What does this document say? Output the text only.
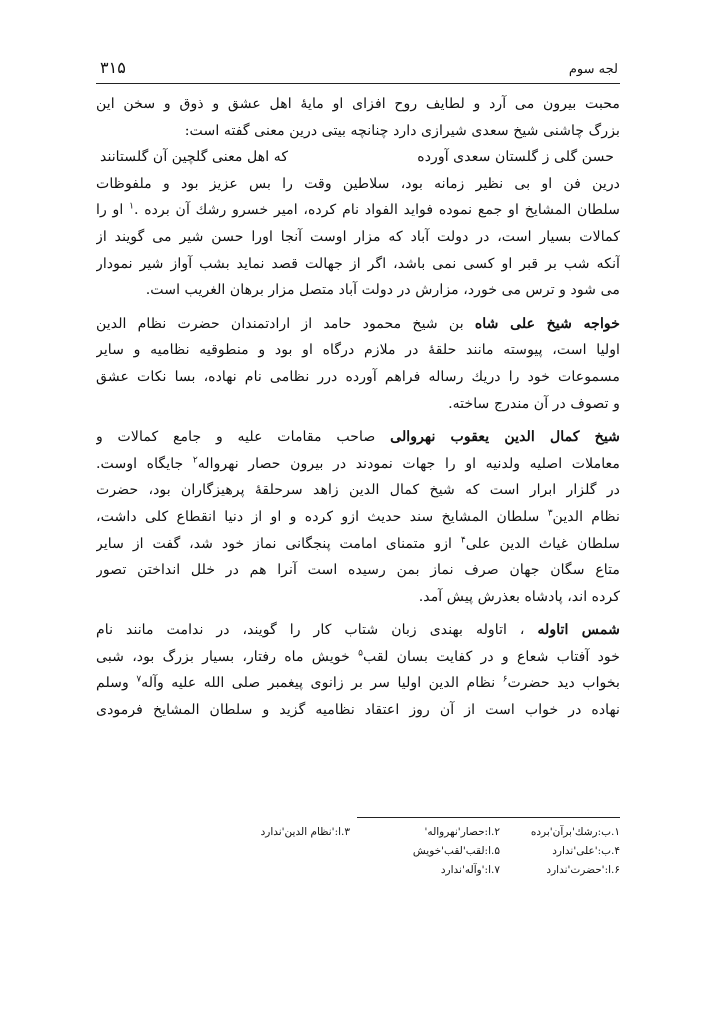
لجه سوم
۳۱۵
محبت بیرون می آرد و لطایف روح افزای او مایهٔ اهل عشق و ذوق و سخن این
بزرگ چاشنی شیخ سعدی شیرازی دارد چنانچه بیتی درین معنی گفته است:
حسن گلی ز گلستان سعدی آورده
که اهل معنی گلچین آن گلستانند
درین فن او بی نظیر زمانه بود، سلاطین وقت را بس عزیز بود و ملفوظات
سلطان المشایخ او جمع نموده فواید الفواد نام کرده، امیر خسرو رشك آن برده .$^۱$ او را
کمالات بسیار است، در دولت آباد که مزار اوست آنجا اورا حسن شیر می گویند از
آنکه شب بر قبر او کسی نمی باشد، اگر از جهالت قصد نماید بشب آواز شیر نمودار
می شود و ترس می خورد، مزارش در دولت آباد متصل مزار برهان الغریب است.
خواجه شیخ علی شاه بن شیخ محمود حامد از ارادتمندان حضرت نظام الدین
اولیا است، پیوسته مانند حلقهٔ در ملازم درگاه او بود و منطوقیه نظامیه و سایر
مسموعات خود را دریك رساله فراهم آورده درر نظامی نام نهاده، بسا نکات عشق
و تصوف در آن مندرج ساخته.
شیخ کمال الدین یعقوب نهروالی صاحب مقامات علیه و جامع کمالات و
معاملات اصلیه ولدنیه او را جهات نمودند در بیرون حصار نهرواله$^۲$ جایگاه اوست.
در گلزار ابرار است که شیخ کمال الدین زاهد سرحلقهٔ پرهیزگاران بود، حضرت
نظام الدین$^۳$ سلطان المشایخ سند حدیث ازو کرده و او از دنیا انقطاع کلی داشت،
سلطان غیاث الدین علی$^۴$ ازو متمنای امامت پنجگانی نماز خود شد، گفت از سایر
متاع سگان جهان صرف نماز بمن رسیده است آنرا هم در خلل انداختن تصور
کرده اند، پادشاه بعذرش پیش آمد.
شمس اتاوله ، اتاوله بهندی زبان شتاب کار را گویند، در ندامت مانند نام
خود آفتاب شعاع و در کفایت بسان لقب$^۵$ خویش ماه رفتار، بسیار بزرگ بود، شبی
بخواب دید حضرت$^۶$ نظام الدین اولیا سر بر زانوی پیغمبر صلی الله علیه وآله$^۷$ وسلم
نهاده در خواب است از آن روز اعتقاد نظامیه گزید و سلطان المشایخ فرمودی
۱.ب:رشك'برآن'برده
۲.ا:حصار'نهرواله'
۳.ا:'نظام الدین'ندارد
۴.ب:'علی'ندارد
۵.ا:لقب'لقب'خویش
۶.ا:'حضرت'ندارد
۷.ا:'وآله'ندارد
